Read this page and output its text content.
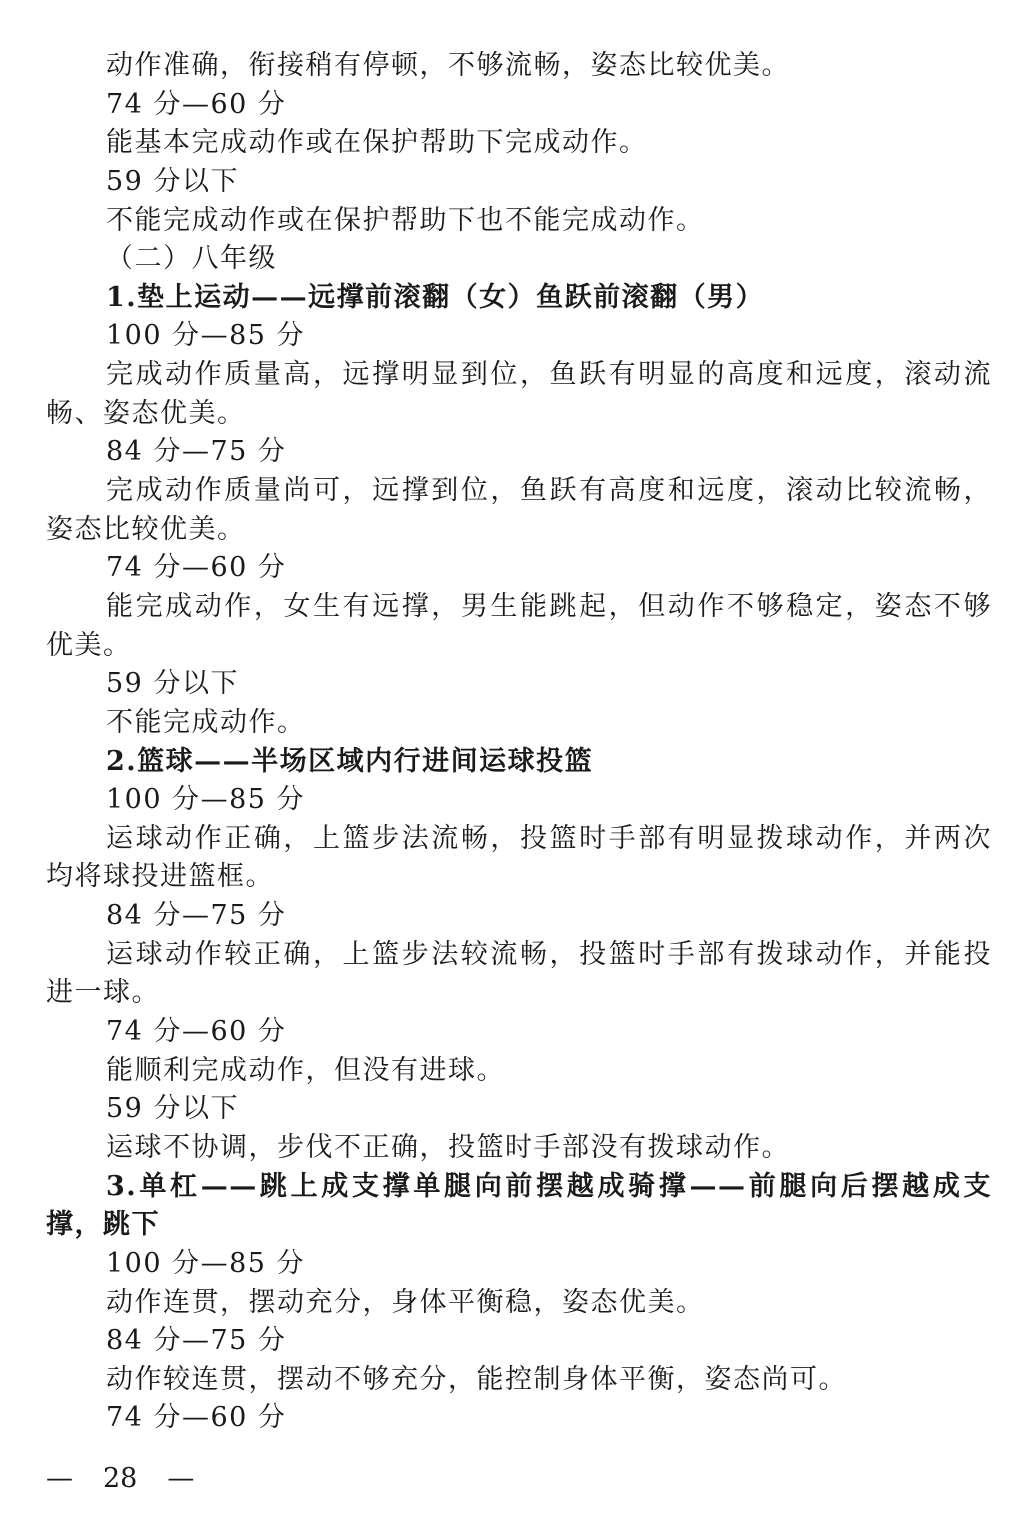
动作准确，衔接稍有停顿，不够流畅，姿态比较优美。
74 分—60 分
能基本完成动作或在保护帮助下完成动作。
59 分以下
不能完成动作或在保护帮助下也不能完成动作。
（二）八年级
1.垫上运动——远撑前滚翻（女）鱼跃前滚翻（男）
100 分—85 分
完成动作质量高，远撑明显到位，鱼跃有明显的高度和远度，滚动流
畅、姿态优美。
84 分—75 分
完成动作质量尚可，远撑到位，鱼跃有高度和远度，滚动比较流畅，
姿态比较优美。
74 分—60 分
能完成动作，女生有远撑，男生能跳起，但动作不够稳定，姿态不够
优美。
59 分以下
不能完成动作。
2.篮球——半场区域内行进间运球投篮
100 分—85 分
运球动作正确，上篮步法流畅，投篮时手部有明显拨球动作，并两次
均将球投进篮框。
84 分—75 分
运球动作较正确，上篮步法较流畅，投篮时手部有拨球动作，并能投
进一球。
74 分—60 分
能顺利完成动作，但没有进球。
59 分以下
运球不协调，步伐不正确，投篮时手部没有拨球动作。
3.单杠——跳上成支撑单腿向前摆越成骑撑——前腿向后摆越成支
撑，跳下
100 分—85 分
动作连贯，摆动充分，身体平衡稳，姿态优美。
84 分—75 分
动作较连贯，摆动不够充分，能控制身体平衡，姿态尚可。
74 分—60 分
— 28 —
